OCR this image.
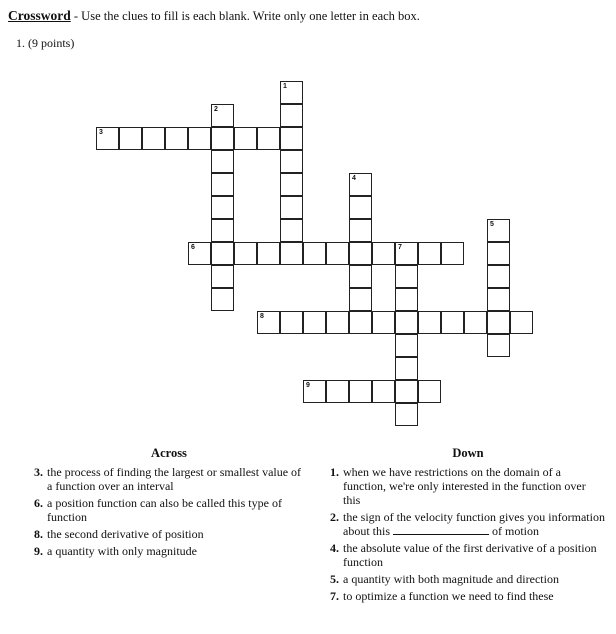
Crossword - Use the clues to fill is each blank. Write only one letter in each box.
1. (9 points)
1
2
3
4
5
6	7
8
9
Across
3. the process of finding the largest or smallest value of a function over an interval
6. a position function can also be called this type of function
8. the second derivative of position
9. a quantity with only magnitude
Down
1. when we have restrictions on the domain of a function, we're only interested in the function over this
2. the sign of the velocity function gives you information about this	of motion
4. the absolute value of the first derivative of a position function
5. a quantity with both magnitude and direction
7. to optimize a function we need to find these
